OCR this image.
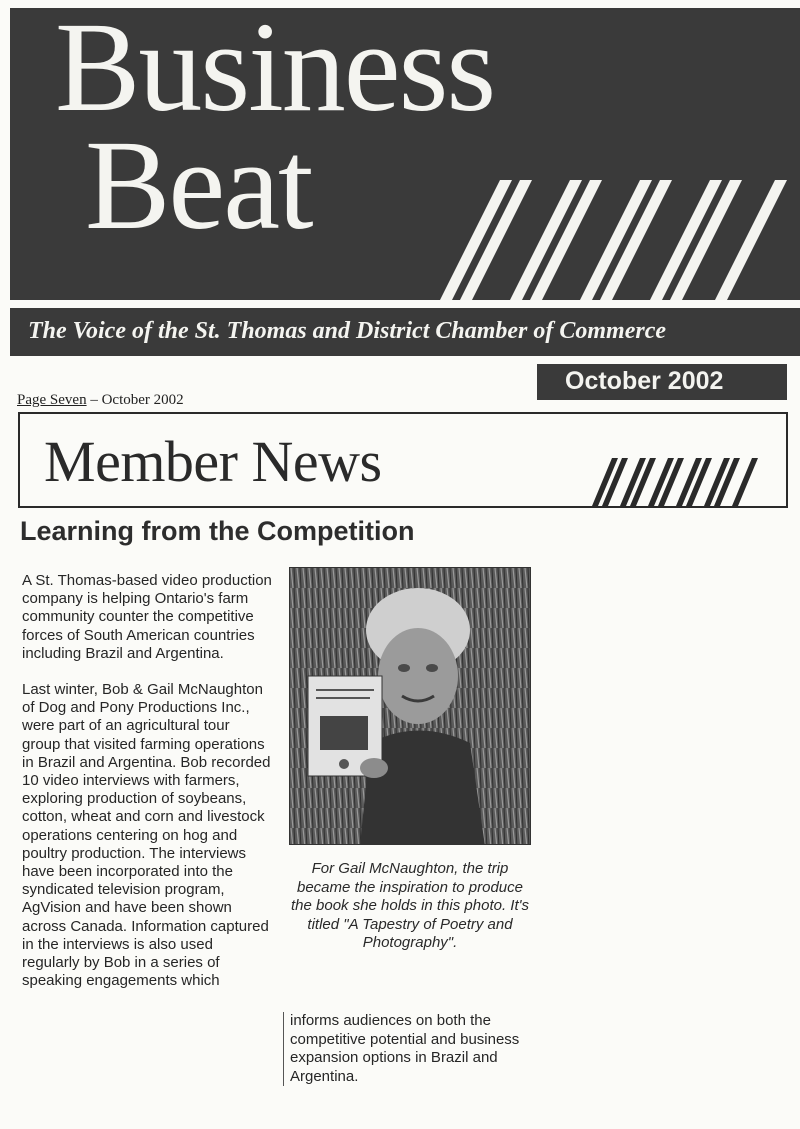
Business
Beat
The Voice of the St. Thomas and District Chamber of Commerce
October 2002
Page Seven – October 2002
Member News
Learning from the Competition

A St. Thomas-based video production company is helping Ontario's farm community counter the competitive forces of South American countries including Brazil and Argentina.

Last winter, Bob & Gail McNaughton of Dog and Pony Productions Inc., were part of an agricultural tour group that visited farming operations in Brazil and Argentina. Bob recorded 10 video interviews with farmers, exploring production of soybeans, cotton, wheat and corn and livestock operations centering on hog and poultry production. The interviews have been incorporated into the syndicated television program, AgVision and have been shown across Canada. Information captured in the interviews is also used regularly by Bob in a series of speaking engagements which

For Gail McNaughton, the trip became the inspiration to produce the book she holds in this photo. It's titled "A Tapestry of Poetry and Photography".

informs audiences on both the competitive potential and business expansion options in Brazil and Argentina.
